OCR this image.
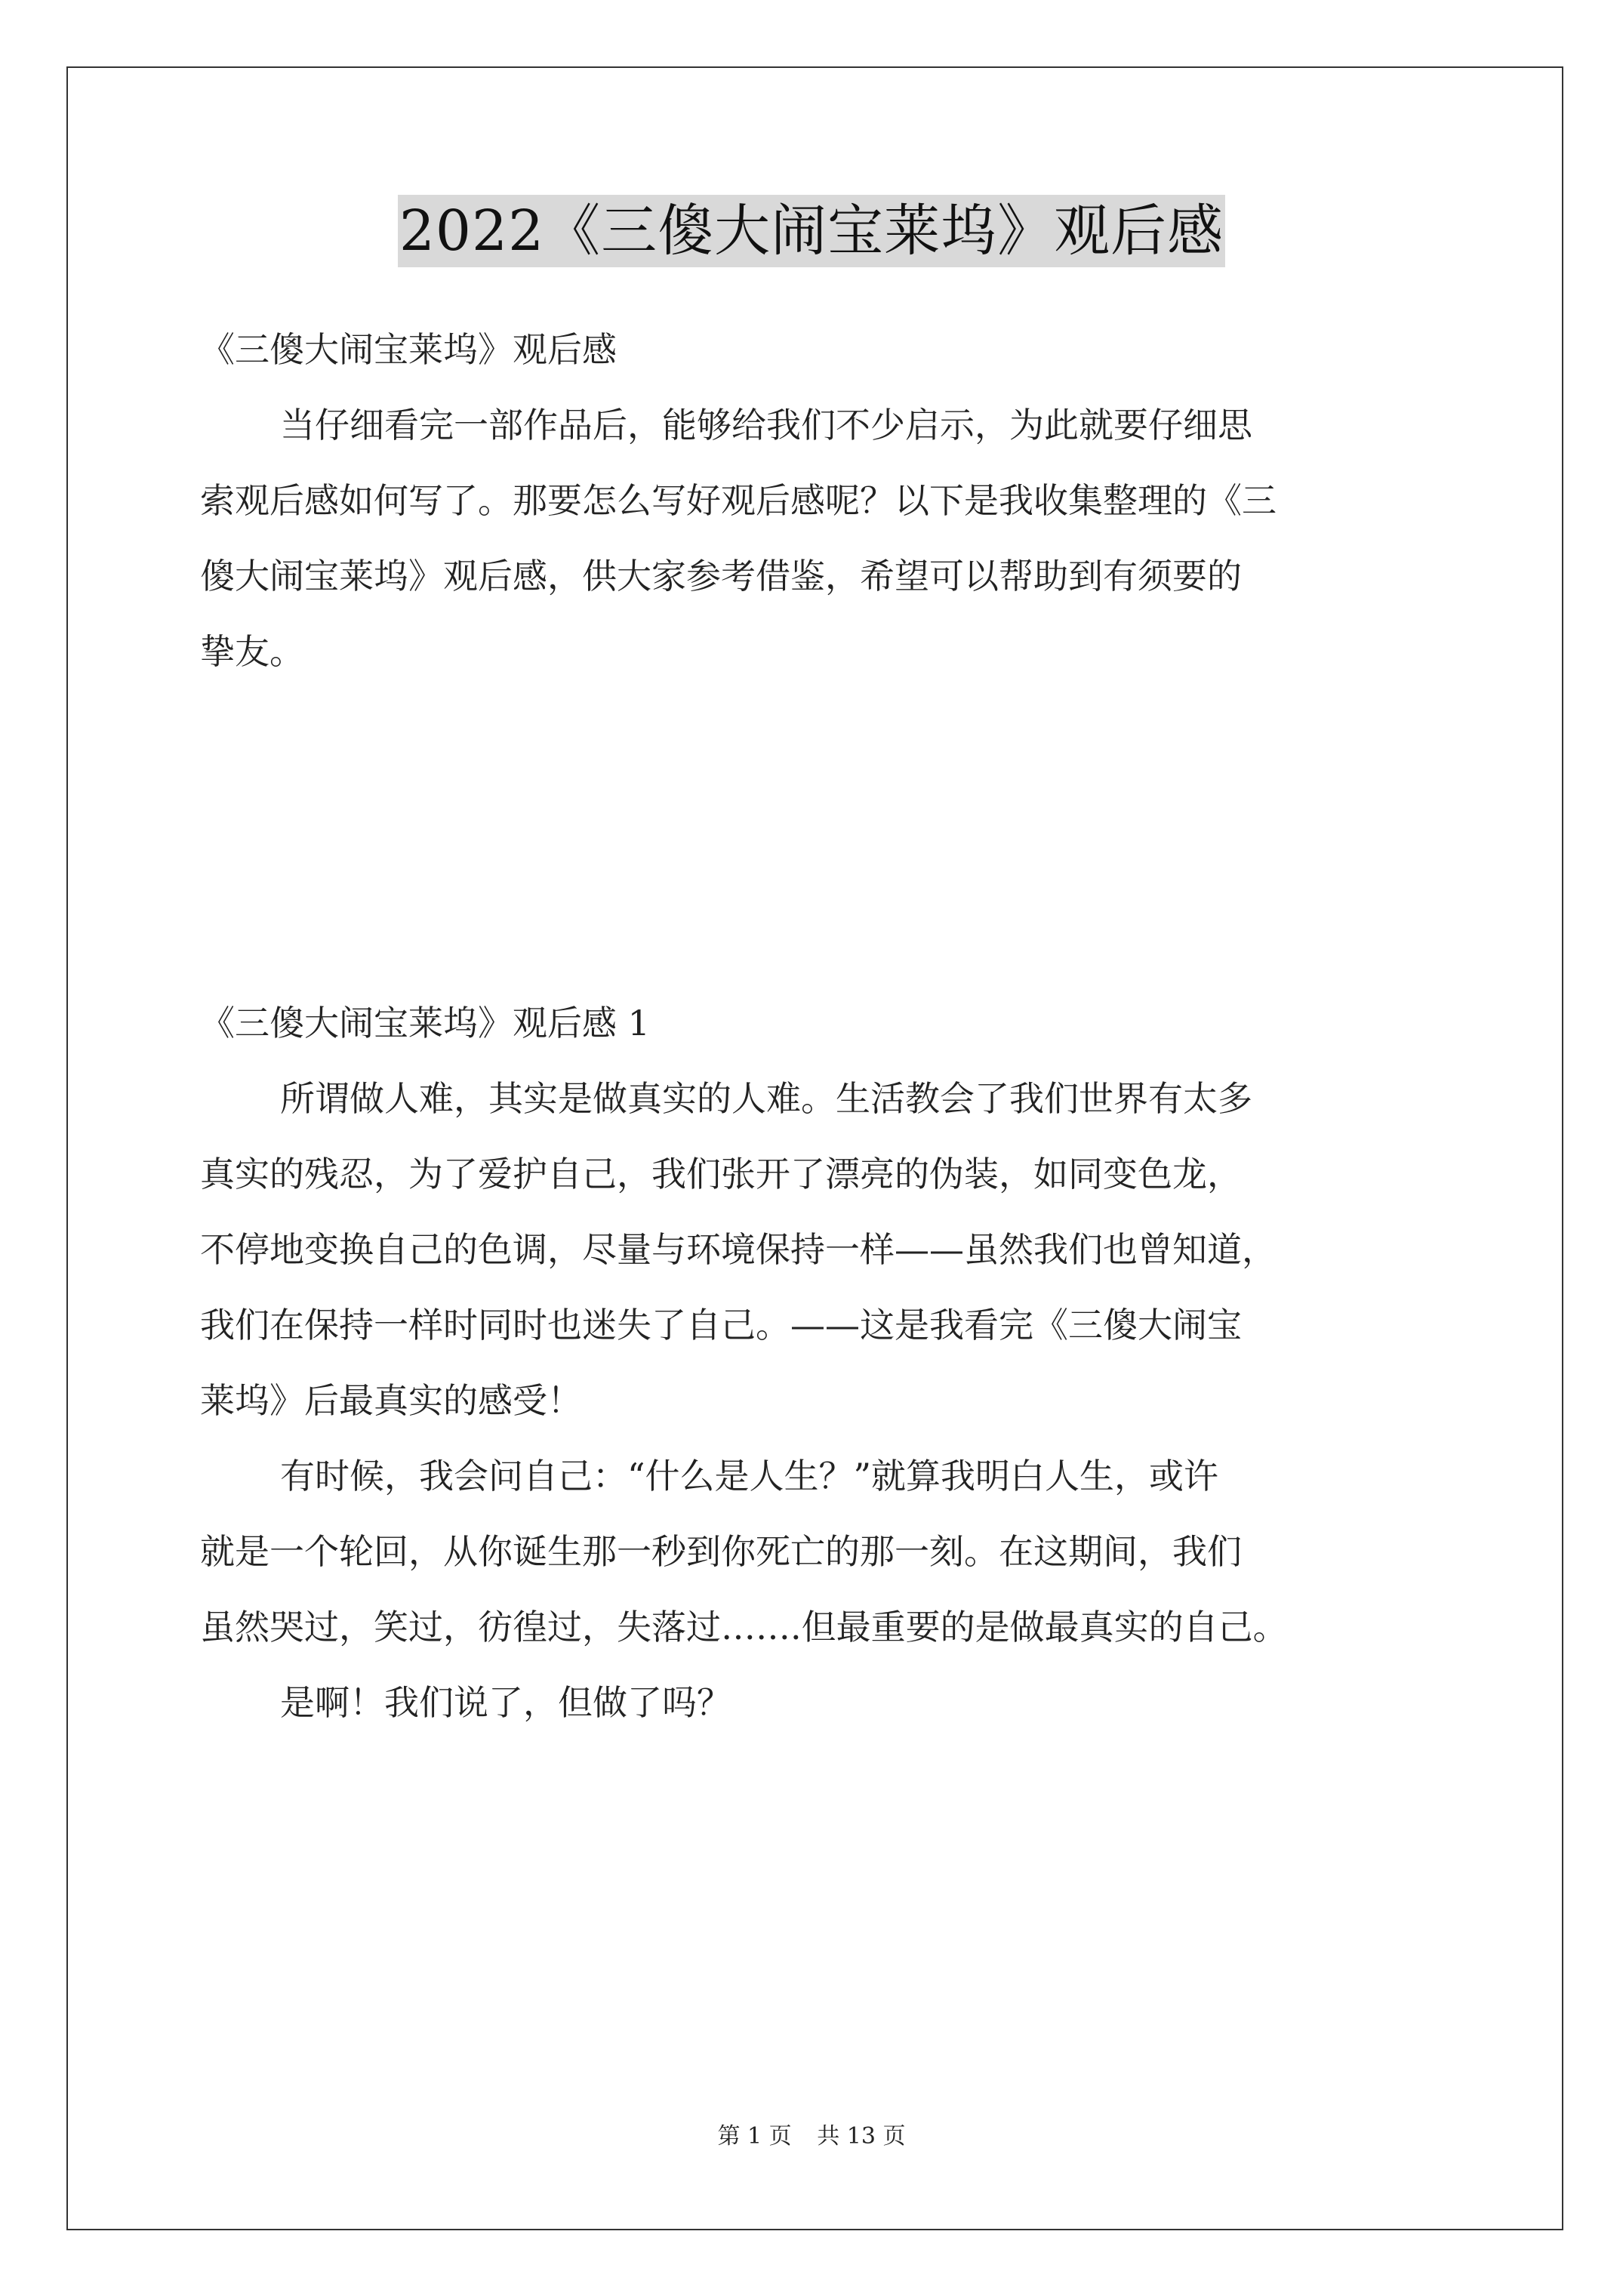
2022《三傻大闹宝莱坞》观后感
《三傻大闹宝莱坞》观后感
当仔细看完一部作品后，能够给我们不少启示，为此就要仔细思
索观后感如何写了。那要怎么写好观后感呢？以下是我收集整理的《三
傻大闹宝莱坞》观后感，供大家参考借鉴，希望可以帮助到有须要的
挚友。
《三傻大闹宝莱坞》观后感 1
所谓做人难，其实是做真实的人难。生活教会了我们世界有太多
真实的残忍，为了爱护自己，我们张开了漂亮的伪装，如同变色龙，
不停地变换自己的色调，尽量与环境保持一样——虽然我们也曾知道，
我们在保持一样时同时也迷失了自己。——这是我看完《三傻大闹宝
莱坞》后最真实的感受！
有时候，我会问自己：“什么是人生？”就算我明白人生，或许
就是一个轮回，从你诞生那一秒到你死亡的那一刻。在这期间，我们
虽然哭过，笑过，彷徨过，失落过…….但最重要的是做最真实的自己。
是啊！我们说了，但做了吗？
第 1 页 共 13 页
